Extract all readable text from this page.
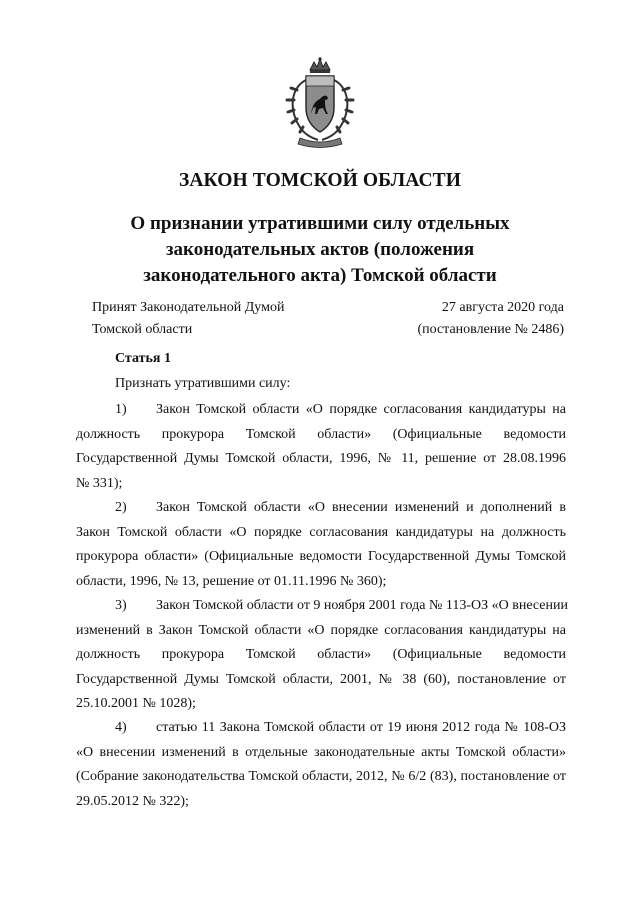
ЗАКОН ТОМСКОЙ ОБЛАСТИ
О признании утратившими силу отдельных
законодательных актов (положения
законодательного акта) Томской области
Принят Законодательной Думой
Томской области
27 августа 2020 года
(постановление № 2486)
Статья 1
Признать утратившими силу:
1) Закон Томской области «О порядке согласования кандидатуры на
должность прокурора Томской области» (Официальные ведомости
Государственной Думы Томской области, 1996, № 11, решение от 28.08.1996
№ 331);
2) Закон Томской области «О внесении изменений и дополнений в
Закон Томской области «О порядке согласования кандидатуры на должность
прокурора области» (Официальные ведомости Государственной Думы Томской
области, 1996, № 13, решение от 01.11.1996 № 360);
3) Закон Томской области от 9 ноября 2001 года № 113-ОЗ «О внесении
изменений в Закон Томской области «О порядке согласования кандидатуры на
должность прокурора Томской области» (Официальные ведомости
Государственной Думы Томской области, 2001, № 38 (60), постановление от
25.10.2001 № 1028);
4) статью 11 Закона Томской области от 19 июня 2012 года № 108-ОЗ
«О внесении изменений в отдельные законодательные акты Томской области»
(Собрание законодательства Томской области, 2012, № 6/2 (83), постановление от
29.05.2012 № 322);
